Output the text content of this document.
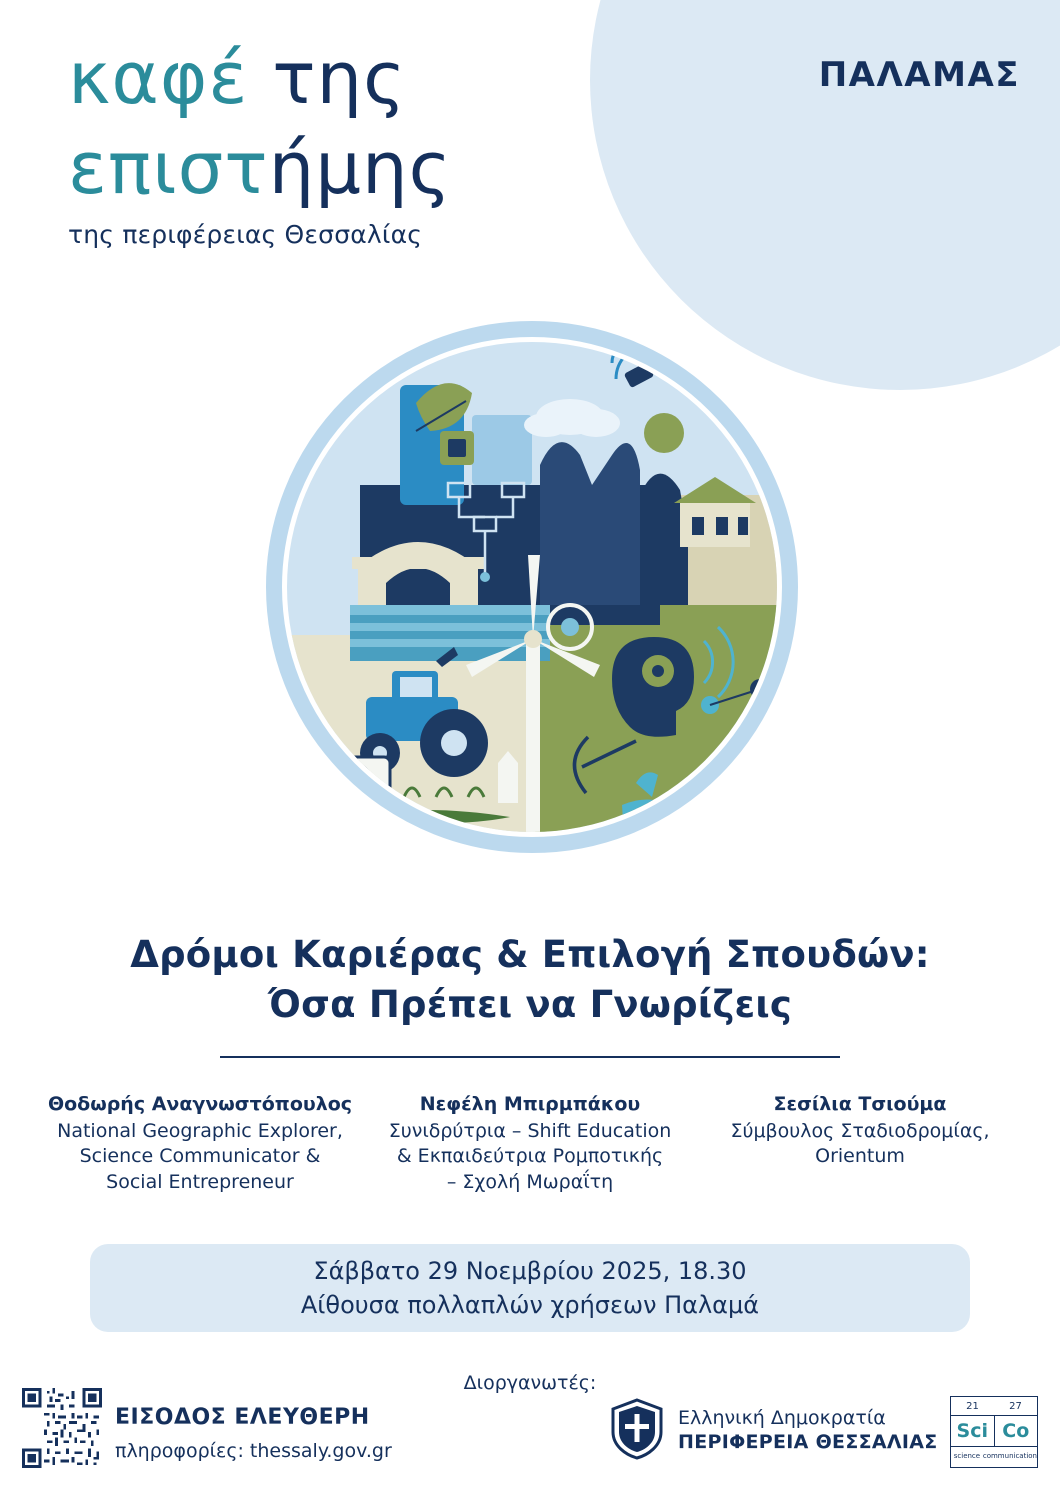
καφέ της
επιστήμης
της περιφέρειας Θεσσαλίας
ΠΑΛΑΜΑΣ
Δρόμοι Καριέρας & Επιλογή Σπουδών:
Όσα Πρέπει να Γνωρίζεις
Θοδωρής Αναγνωστόπουλος
National Geographic Explorer,
Science Communicator &
Social Entrepreneur
Νεφέλη Μπιρμπάκου
Συνιδρύτρια – Shift Education
& Εκπαιδεύτρια Ρομποτικής
– Σχολή Μωραΐτη
Σεσίλια Τσιούμα
Σύμβουλος Σταδιοδρομίας,
Orientum
Σάββατο 29 Νοεμβρίου 2025, 18.30
Αίθουσα πολλαπλών χρήσεων Παλαμά
Διοργανωτές:
ΕΙΣΟΔΟΣ ΕΛΕΥΘΕΡΗ
πληροφορίες: thessaly.gov.gr
Ελληνική Δημοκρατία
ΠΕΡΙΦΕΡΕΙΑ ΘΕΣΣΑΛΙΑΣ
21	27
Sci Co
science communication
